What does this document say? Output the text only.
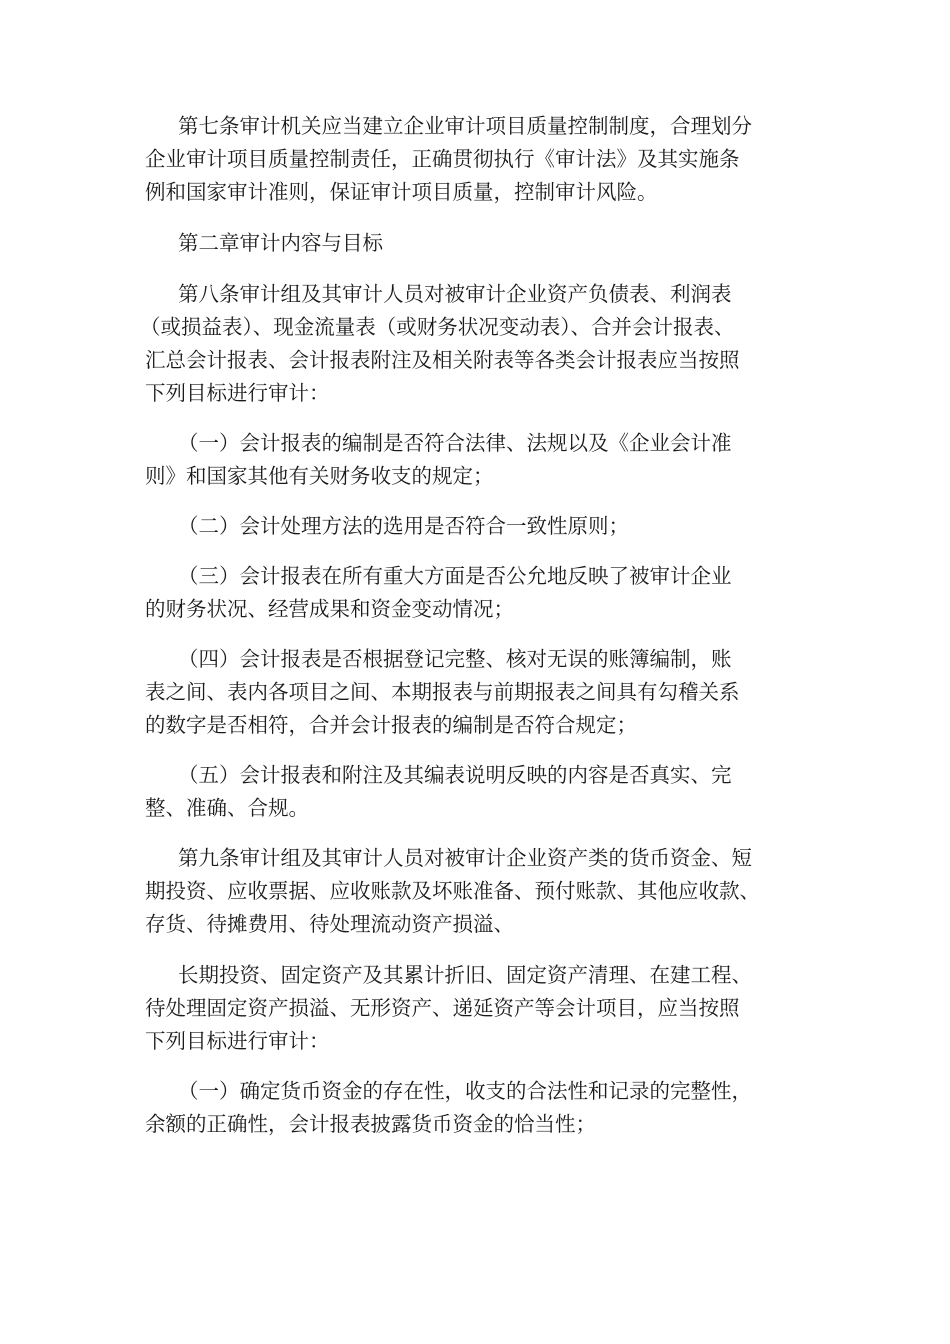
第七条审计机关应当建立企业审计项目质量控制制度，合理划分

企业审计项目质量控制责任，正确贯彻执行《审计法》及其实施条

例和国家审计准则，保证审计项目质量，控制审计风险。

第二章审计内容与目标

第八条审计组及其审计人员对被审计企业资产负债表、利润表

（或损益表）、现金流量表（或财务状况变动表）、合并会计报表、

汇总会计报表、会计报表附注及相关附表等各类会计报表应当按照

下列目标进行审计：

（一）会计报表的编制是否符合法律、法规以及《企业会计准

则》和国家其他有关财务收支的规定；

（二）会计处理方法的选用是否符合一致性原则；

（三）会计报表在所有重大方面是否公允地反映了被审计企业

的财务状况、经营成果和资金变动情况；

（四）会计报表是否根据登记完整、核对无误的账簿编制，账

表之间、表内各项目之间、本期报表与前期报表之间具有勾稽关系

的数字是否相符，合并会计报表的编制是否符合规定；

（五）会计报表和附注及其编表说明反映的内容是否真实、完

整、准确、合规。

第九条审计组及其审计人员对被审计企业资产类的货币资金、短

期投资、应收票据、应收账款及坏账准备、预付账款、其他应收款、

存货、待摊费用、待处理流动资产损溢、

长期投资、固定资产及其累计折旧、固定资产清理、在建工程、

待处理固定资产损溢、无形资产、递延资产等会计项目，应当按照

下列目标进行审计：

（一）确定货币资金的存在性，收支的合法性和记录的完整性，

余额的正确性，会计报表披露货币资金的恰当性；
